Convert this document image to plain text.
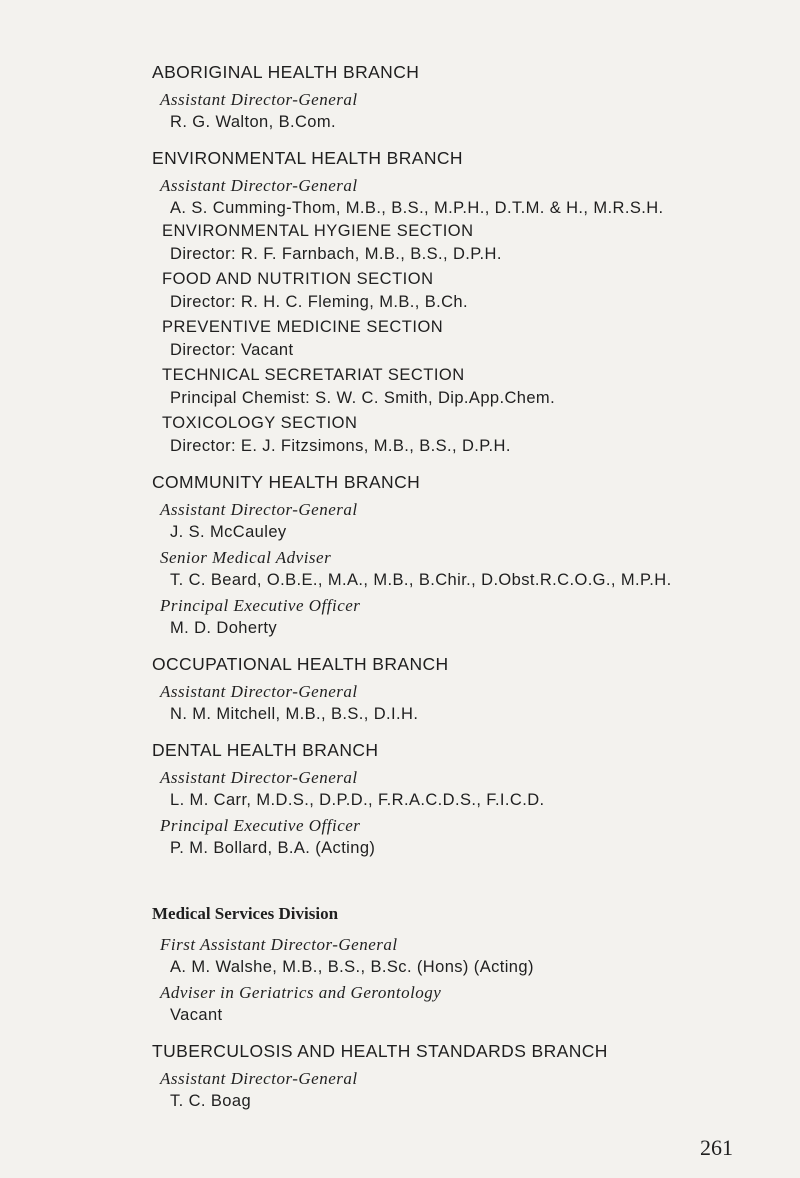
ABORIGINAL HEALTH BRANCH
Assistant Director-General
R. G. Walton, B.Com.
ENVIRONMENTAL HEALTH BRANCH
Assistant Director-General
A. S. Cumming-Thom, M.B., B.S., M.P.H., D.T.M. & H., M.R.S.H.
ENVIRONMENTAL HYGIENE SECTION
Director: R. F. Farnbach, M.B., B.S., D.P.H.
FOOD AND NUTRITION SECTION
Director: R. H. C. Fleming, M.B., B.Ch.
PREVENTIVE MEDICINE SECTION
Director: Vacant
TECHNICAL SECRETARIAT SECTION
Principal Chemist: S. W. C. Smith, Dip.App.Chem.
TOXICOLOGY SECTION
Director: E. J. Fitzsimons, M.B., B.S., D.P.H.
COMMUNITY HEALTH BRANCH
Assistant Director-General
J. S. McCauley
Senior Medical Adviser
T. C. Beard, O.B.E., M.A., M.B., B.Chir., D.Obst.R.C.O.G., M.P.H.
Principal Executive Officer
M. D. Doherty
OCCUPATIONAL HEALTH BRANCH
Assistant Director-General
N. M. Mitchell, M.B., B.S., D.I.H.
DENTAL HEALTH BRANCH
Assistant Director-General
L. M. Carr, M.D.S., D.P.D., F.R.A.C.D.S., F.I.C.D.
Principal Executive Officer
P. M. Bollard, B.A. (Acting)
Medical Services Division
First Assistant Director-General
A. M. Walshe, M.B., B.S., B.Sc. (Hons) (Acting)
Adviser in Geriatrics and Gerontology
Vacant
TUBERCULOSIS AND HEALTH STANDARDS BRANCH
Assistant Director-General
T. C. Boag
261
